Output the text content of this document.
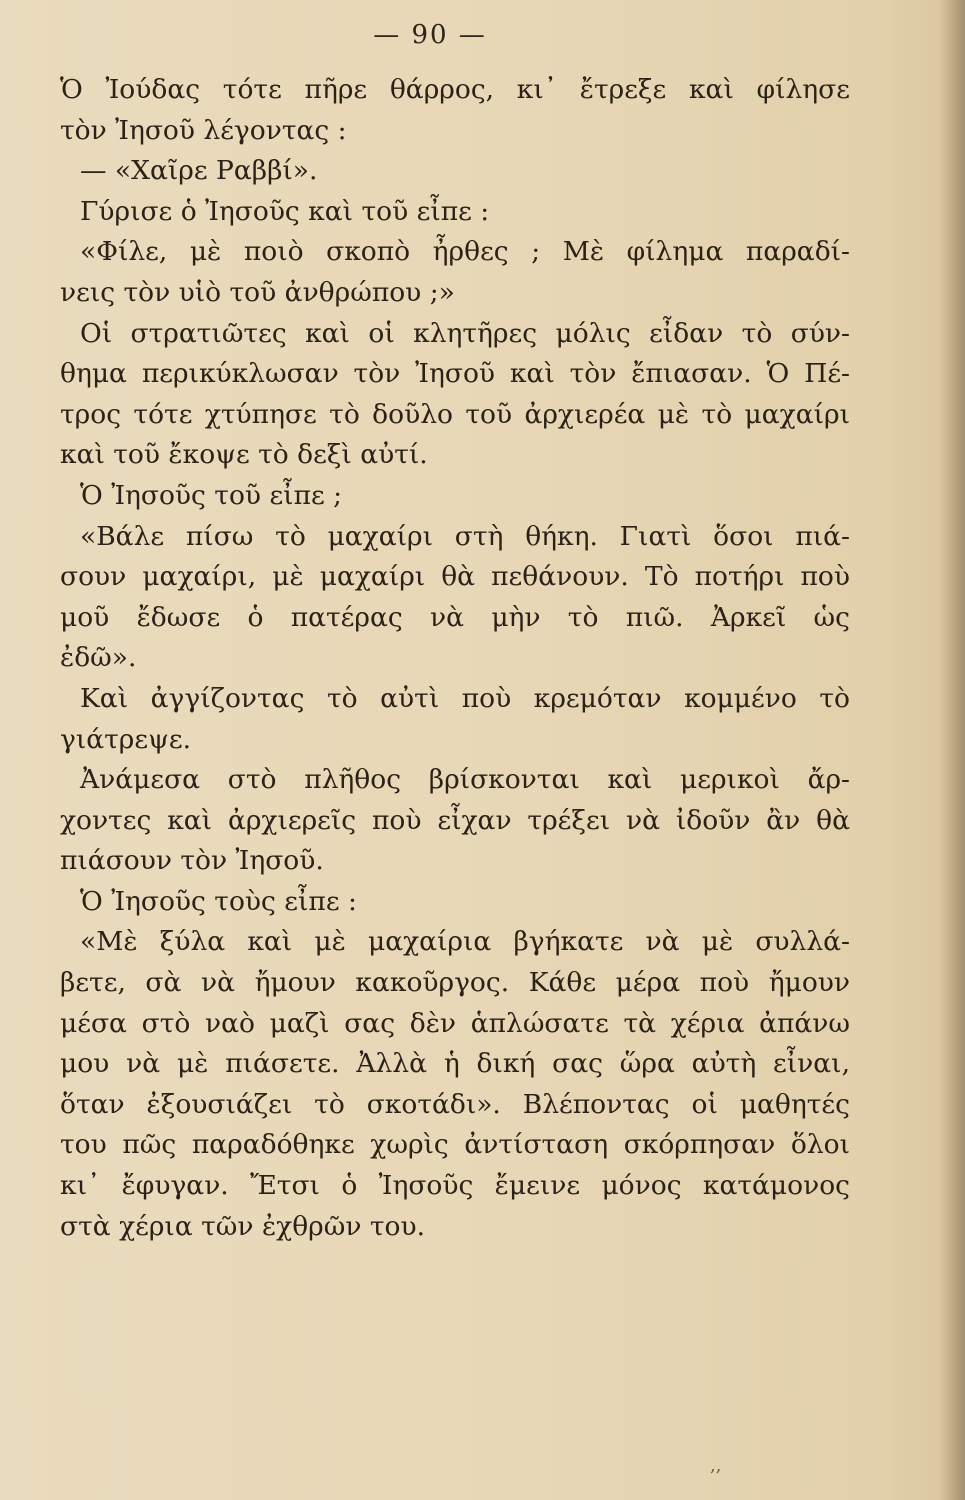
— 90 —
Ὁ Ἰούδας τότε πῆρε θάρρος, κι᾽ ἔτρεξε καὶ φίλησε
τὸν Ἰησοῦ λέγοντας :
— «Χαῖρε Ραββί».
Γύρισε ὁ Ἰησοῦς καὶ τοῦ εἶπε :
«Φίλε, μὲ ποιὸ σκοπὸ ἦρθες ; Μὲ φίλημα παραδί-
νεις τὸν υἱὸ τοῦ ἀνθρώπου ;»
Οἱ στρατιῶτες καὶ οἱ κλητῆρες μόλις εἶδαν τὸ σύν-
θημα περικύκλωσαν τὸν Ἰησοῦ καὶ τὸν ἔπιασαν. Ὁ Πέ-
τρος τότε χτύπησε τὸ δοῦλο τοῦ ἀρχιερέα μὲ τὸ μαχαίρι
καὶ τοῦ ἔκοψε τὸ δεξὶ αὐτί.
Ὁ Ἰησοῦς τοῦ εἶπε ;
«Βάλε πίσω τὸ μαχαίρι στὴ θήκη. Γιατὶ ὅσοι πιά-
σουν μαχαίρι, μὲ μαχαίρι θὰ πεθάνουν. Τὸ ποτήρι ποὺ
μοῦ ἔδωσε ὁ πατέρας νὰ μὴν τὸ πιῶ. Ἀρκεῖ ὡς
ἐδῶ».
Καὶ ἀγγίζοντας τὸ αὐτὶ ποὺ κρεμόταν κομμένο τὸ
γιάτρεψε.
Ἀνάμεσα στὸ πλῆθος βρίσκονται καὶ μερικοὶ ἄρ-
χοντες καὶ ἀρχιερεῖς ποὺ εἶχαν τρέξει νὰ ἰδοῦν ἂν θὰ
πιάσουν τὸν Ἰησοῦ.
Ὁ Ἰησοῦς τοὺς εἶπε :
«Μὲ ξύλα καὶ μὲ μαχαίρια βγήκατε νὰ μὲ συλλά-
βετε, σὰ νὰ ἤμουν κακοῦργος. Κάθε μέρα ποὺ ἤμουν
μέσα στὸ ναὸ μαζὶ σας δὲν ἁπλώσατε τὰ χέρια ἀπάνω
μου νὰ μὲ πιάσετε. Ἀλλὰ ἡ δική σας ὥρα αὐτὴ εἶναι,
ὅταν ἐξουσιάζει τὸ σκοτάδι». Βλέποντας οἱ μαθητές
του πῶς παραδόθηκε χωρὶς ἀντίσταση σκόρπησαν ὅλοι
κι᾽ ἔφυγαν. Ἔτσι ὁ Ἰησοῦς ἔμεινε μόνος κατάμονος
στὰ χέρια τῶν ἐχθρῶν του.
,,
